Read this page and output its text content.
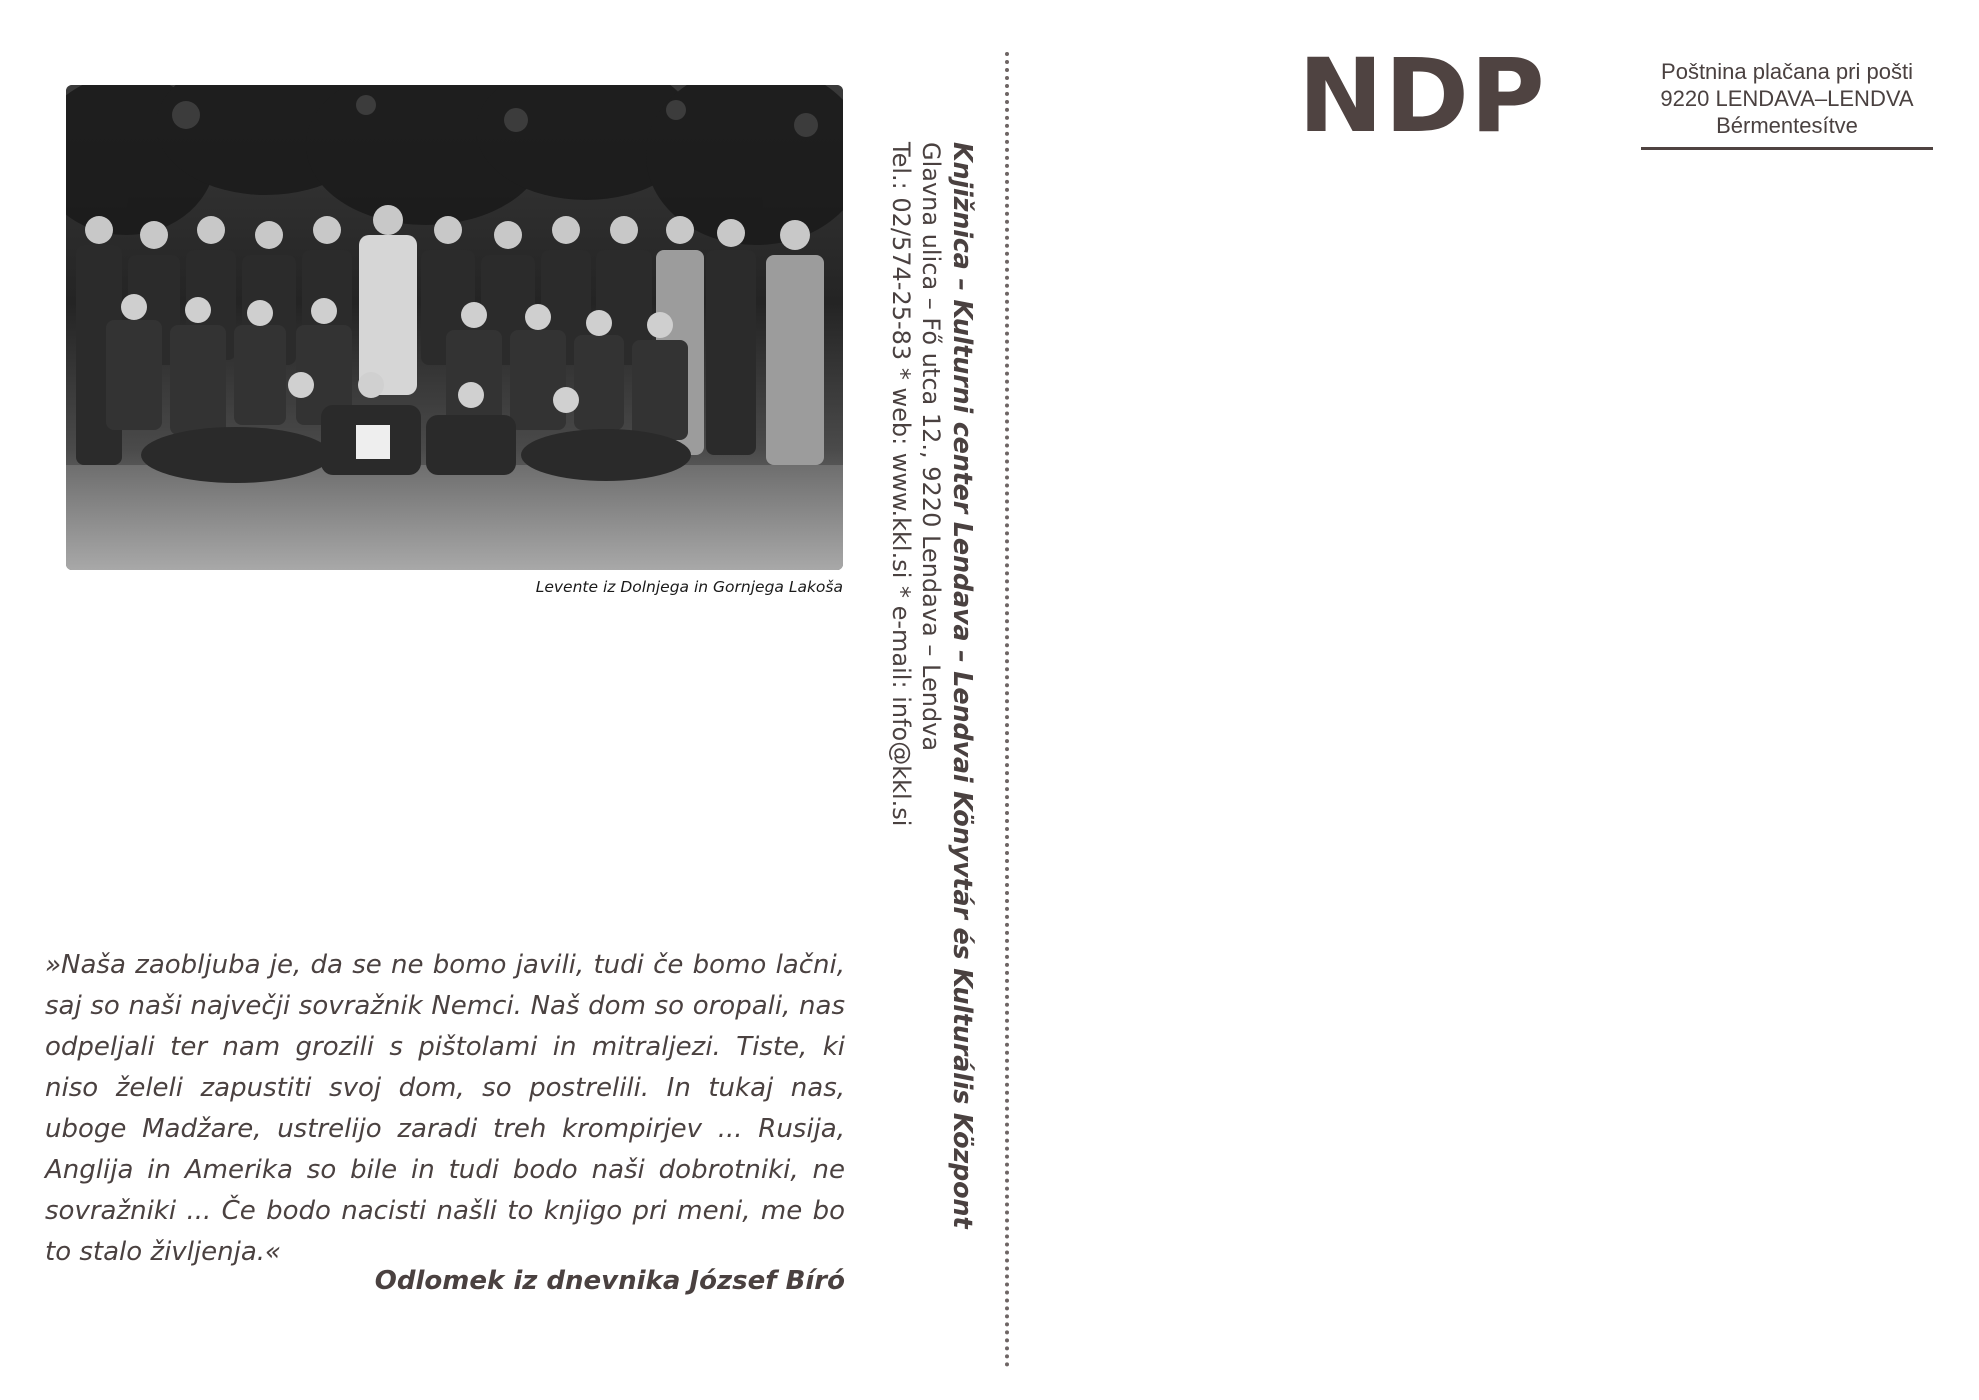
Levente iz Dolnjega in Gornjega Lakoša
»Naša zaobljuba je, da se ne bomo javili, tudi če bomo lačni,
saj so naši največji sovražnik Nemci. Naš dom so oropali, nas
odpeljali ter nam grozili s pištolami in mitraljezi. Tiste, ki
niso želeli zapustiti svoj dom, so postrelili. In tukaj nas,
uboge Madžare, ustrelijo zaradi treh krompirjev ... Rusija,
Anglija in Amerika so bile in tudi bodo naši dobrotniki, ne
sovražniki ... Če bodo nacisti našli to knjigo pri meni, me bo
to stalo življenja.«
Odlomek iz dnevnika József Bíró
Knjižnica – Kulturni center Lendava – Lendvai Könyvtár és Kulturális Központ
Glavna ulica – Fő utca 12., 9220 Lendava – Lendva
Tel.: 02/574-25-83 * web: www.kkl.si * e-mail: info@kkl.si
NDP	Poštnina plačana pri pošti
9220 LENDAVA–LENDVA
Bérmentesítve
